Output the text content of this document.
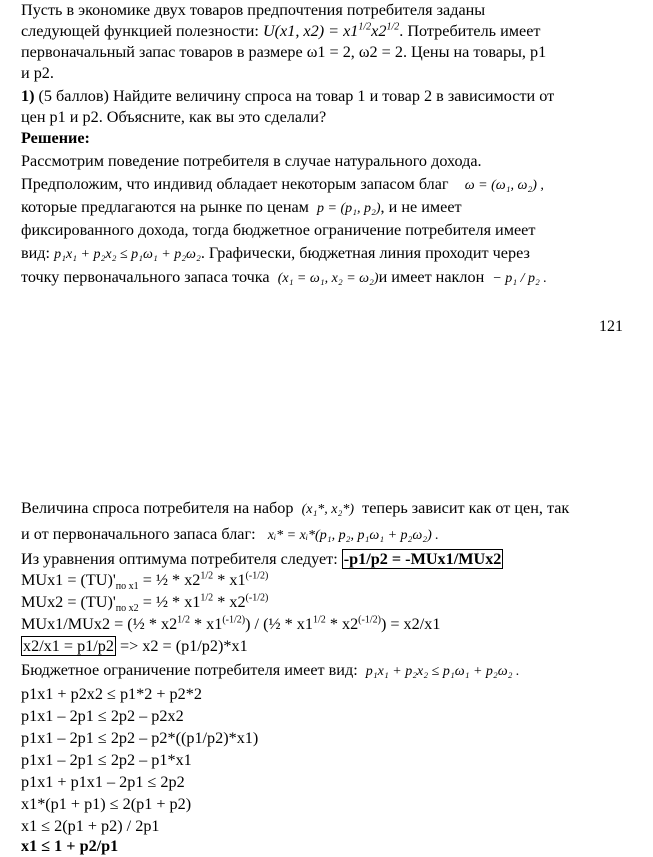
Пусть в экономике двух товаров предпочтения потребителя заданы
следующей функцией полезности: U(x1, $x2) = x1^{1/2}x2^{1/2}$. Потребитель имеет
первоначальный запас товаров в размере ω1 = 2, ω2 = 2. Цены на товары, p1
и p2.
1) (5 баллов) Найдите величину спроса на товар 1 и товар 2 в зависимости от
цен p1 и p2. Объясните, как вы это сделали?
Решение:
Рассмотрим поведение потребителя в случае натурального дохода.
Предположим, что индивид обладает некоторым запасом благ ω = (ω₁, ω₂) ,
которые предлагаются на рынке по ценам p = (p₁, p₂), и не имеет
фиксированного дохода, тогда бюджетное ограничение потребителя имеет
вид: p₁x₁ + p₂x₂ ≤ p₁ω₁ + p₂ω₂. Графически, бюджетная линия проходит через
точку первоначального запаса точка (x₁ = ω₁, x₂ = ω₂)и имеет наклон − p₁ / p₂ .
121
Величина спроса потребителя на набор (x₁*, x₂*) теперь зависит как от цен, так
и от первоначального запаса благ: xᵢ* = xᵢ*(p₁, p₂, p₁ω₁ + p₂ω₂) .
Из уравнения оптимума потребителя следует: -p1/p2 = -MUx1/MUx2
$MUx1 = (TU)'_{по x1}$ = ½ * $x2^{1/2} * x1^{(-1/2)}$
$MUx2 = (TU)'_{по x2}$ = ½ * $x1^{1/2} * x2^{(-1/2)}$
MUx1/MUx2 = (½ * $x2^{1/2} * x1^{(-1/2)}$) / (½ * $x1^{1/2} * x2^{(-1/2)}) = x2/x1$
x2/x1 = p1/p2 => x2 = (p1/p2)*x1
Бюджетное ограничение потребителя имеет вид: p₁x₁ + p₂x₂ ≤ p₁ω₁ + p₂ω₂ .
p1x1 + p2x2 ≤ p1*2 + p2*2
p1x1 – 2p1 ≤ 2p2 – p2x2
p1x1 – 2p1 ≤ 2p2 – p2*((p1/p2)*x1)
p1x1 – 2p1 ≤ 2p2 – p1*x1
p1x1 + p1x1 – 2p1 ≤ 2p2
x1*(p1 + p1) ≤ 2(p1 + p2)
x1 ≤ 2(p1 + p2) / 2p1
x1 ≤ 1 + p2/p1
